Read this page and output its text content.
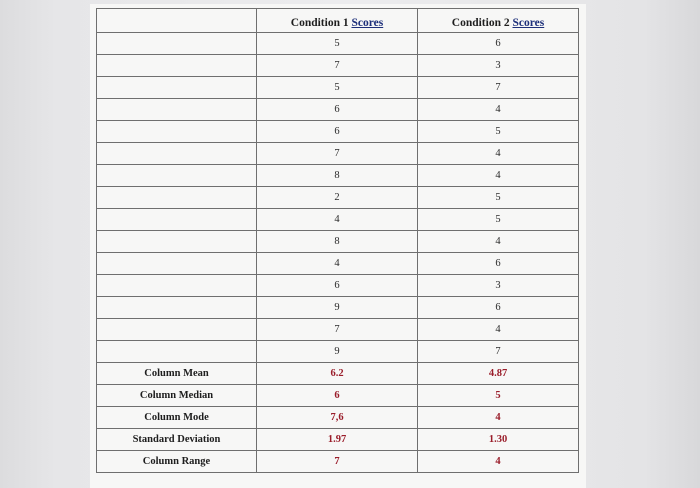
	Condition 1 Scores	Condition 2 Scores
	5	6
	7	3
	5	7
	6	4
	6	5
	7	4
	8	4
	2	5
	4	5
	8	4
	4	6
	6	3
	9	6
	7	4
	9	7
Column Mean	6.2	4.87
Column Median	6	5
Column Mode	7,6	4
Standard Deviation	1.97	1.30
Column Range	7	4
